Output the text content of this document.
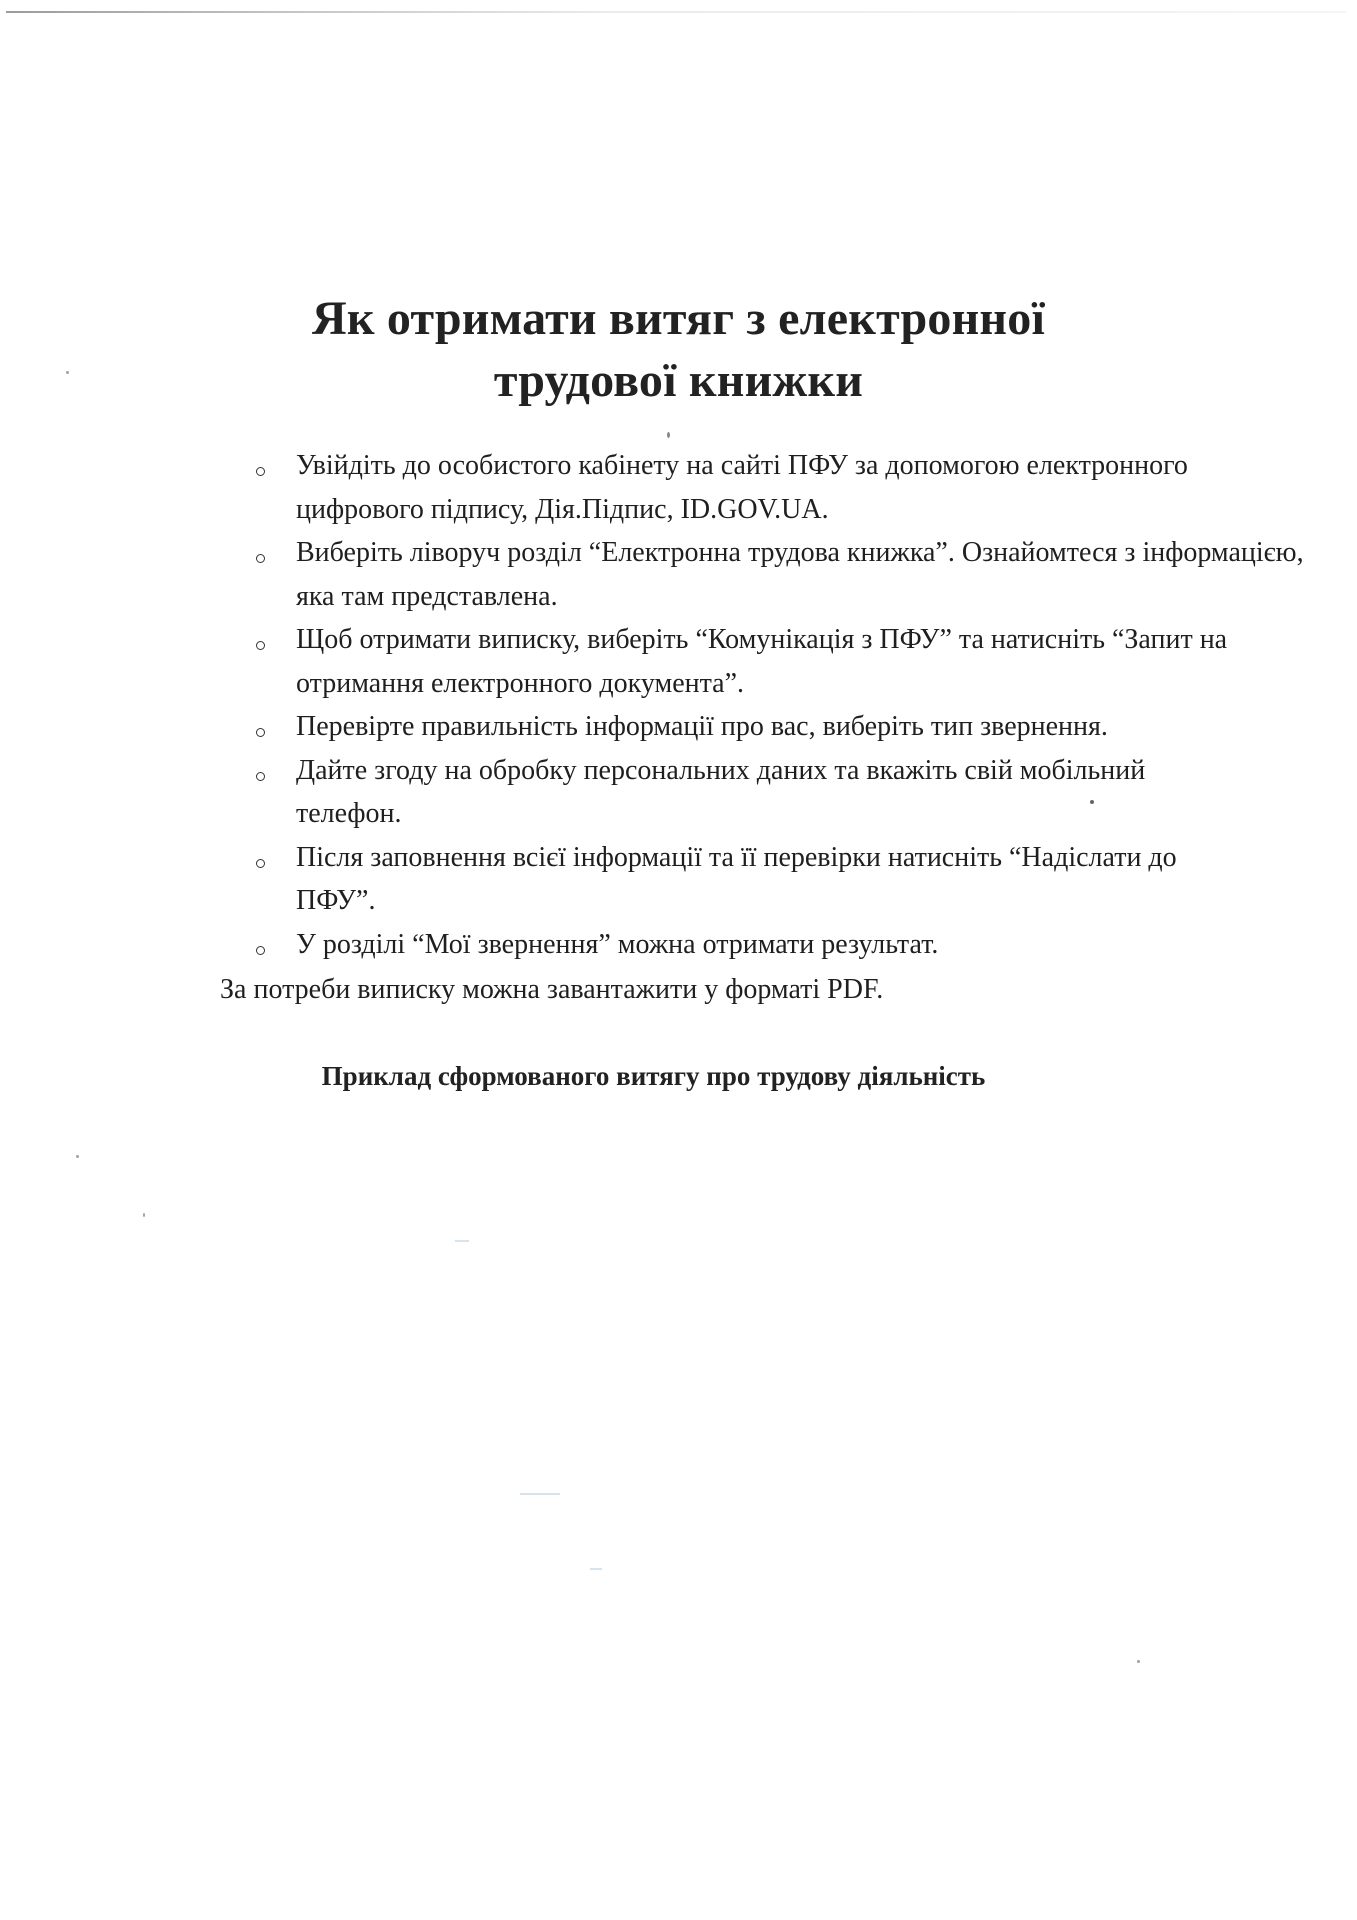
Як отримати витяг з електронної
трудової книжки
Увійдіть до особистого кабінету на сайті ПФУ за допомогою електронного цифрового підпису, Дія.Підпис, ID.GOV.UA.
Виберіть ліворуч розділ “Електронна трудова книжка”. Ознайомтеся з інформацією, яка там представлена.
Щоб отримати виписку, виберіть “Комунікація з ПФУ” та натисніть “Запит на отримання електронного документа”.
Перевірте правильність інформації про вас, виберіть тип звернення.
Дайте згоду на обробку персональних даних та вкажіть свій мобільний телефон.
Після заповнення всієї інформації та її перевірки натисніть “Надіслати до ПФУ”.
У розділі “Мої звернення” можна отримати результат.

За потреби виписку можна завантажити у форматі PDF.

Приклад сформованого витягу про трудову діяльність
